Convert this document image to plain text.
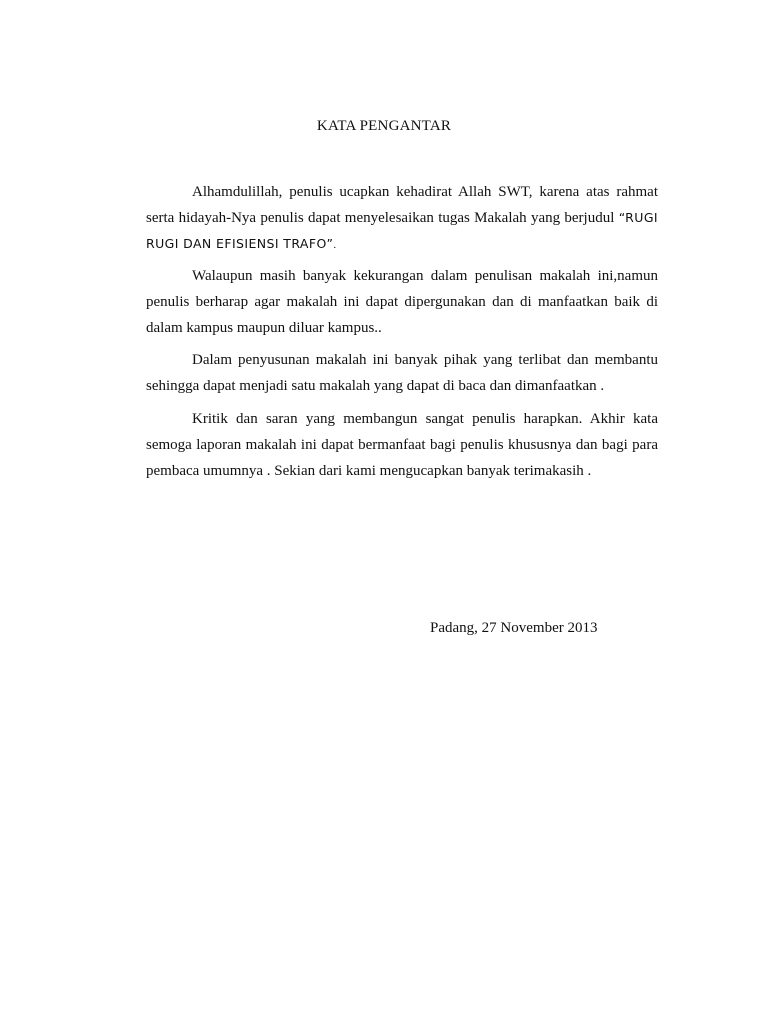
KATA PENGANTAR

Alhamdulillah, penulis ucapkan kehadirat Allah SWT, karena atas rahmat serta hidayah-Nya penulis dapat menyelesaikan tugas Makalah yang berjudul “RUGI RUGI DAN EFISIENSI TRAFO”.

Walaupun masih banyak kekurangan dalam penulisan makalah ini,namun penulis berharap agar makalah ini dapat dipergunakan dan di manfaatkan baik di dalam kampus maupun diluar kampus..

Dalam penyusunan makalah ini banyak pihak yang terlibat dan membantu sehingga dapat menjadi satu makalah yang dapat di baca dan dimanfaatkan .

Kritik dan saran yang membangun sangat penulis harapkan. Akhir kata semoga laporan makalah ini dapat bermanfaat bagi penulis khususnya dan bagi para pembaca umumnya . Sekian dari kami mengucapkan banyak terimakasih .

Padang, 27 November 2013
